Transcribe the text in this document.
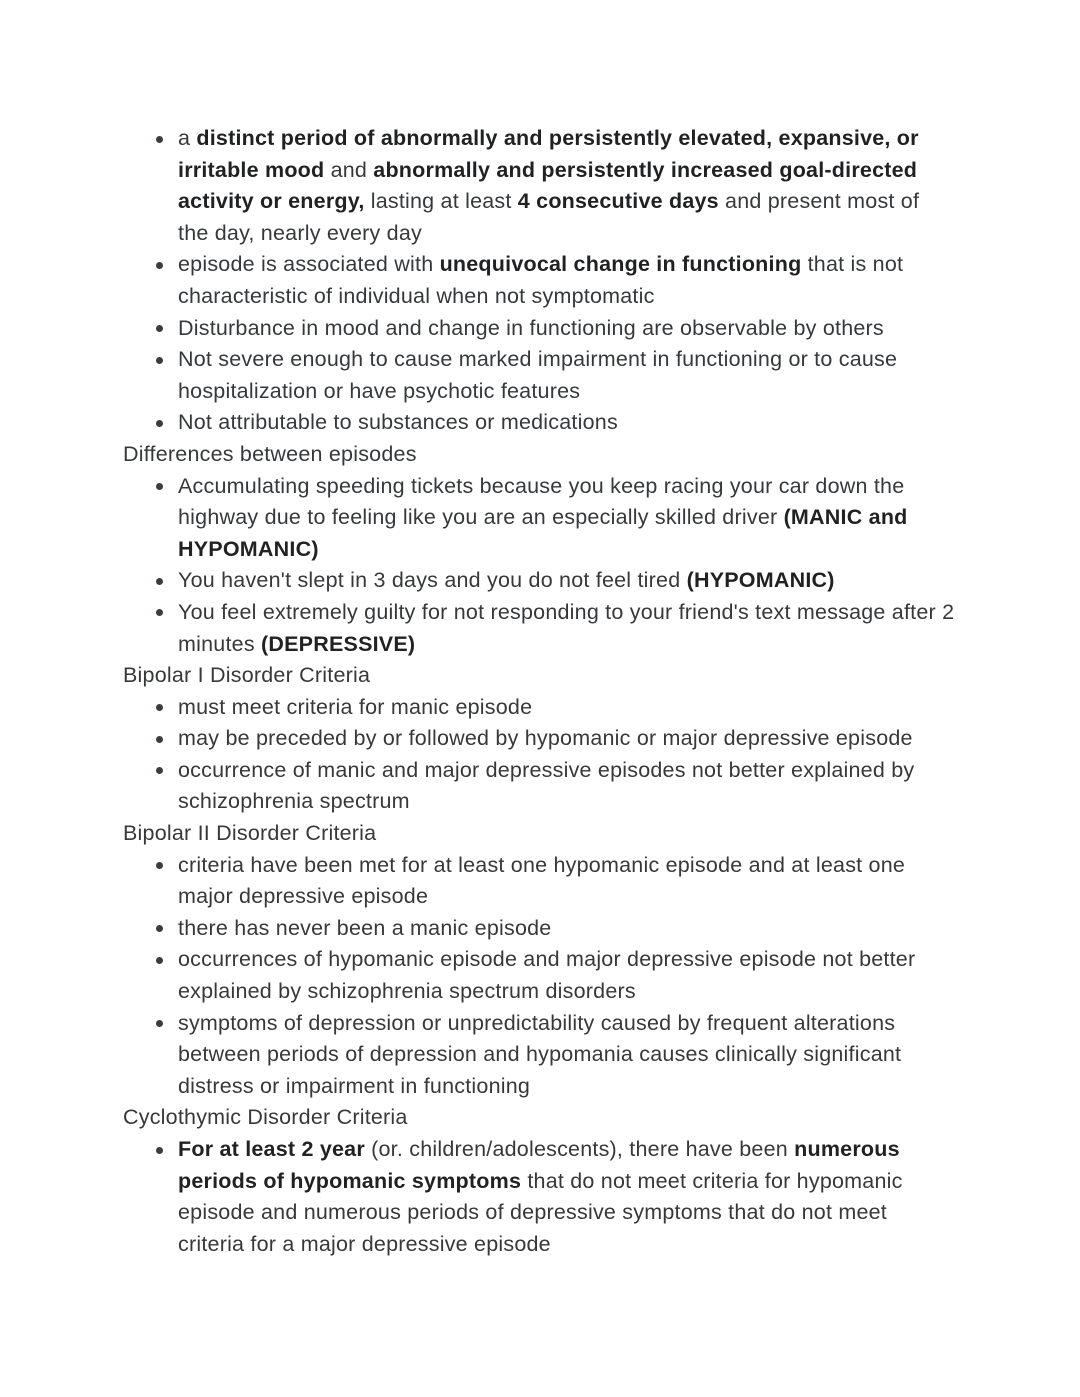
a distinct period of abnormally and persistently elevated, expansive, or irritable mood and abnormally and persistently increased goal-directed activity or energy, lasting at least 4 consecutive days and present most of the day, nearly every day
episode is associated with unequivocal change in functioning that is not characteristic of individual when not symptomatic
Disturbance in mood and change in functioning are observable by others
Not severe enough to cause marked impairment in functioning or to cause hospitalization or have psychotic features
Not attributable to substances or medications
Differences between episodes
Accumulating speeding tickets because you keep racing your car down the highway due to feeling like you are an especially skilled driver (MANIC and HYPOMANIC)
You haven't slept in 3 days and you do not feel tired (HYPOMANIC)
You feel extremely guilty for not responding to your friend's text message after 2 minutes (DEPRESSIVE)
Bipolar I Disorder Criteria
must meet criteria for manic episode
may be preceded by or followed by hypomanic or major depressive episode
occurrence of manic and major depressive episodes not better explained by schizophrenia spectrum
Bipolar II Disorder Criteria
criteria have been met for at least one hypomanic episode and at least one major depressive episode
there has never been a manic episode
occurrences of hypomanic episode and major depressive episode not better explained by schizophrenia spectrum disorders
symptoms of depression or unpredictability caused by frequent alterations between periods of depression and hypomania causes clinically significant distress or impairment in functioning
Cyclothymic Disorder Criteria
For at least 2 year (or. children/adolescents), there have been numerous periods of hypomanic symptoms that do not meet criteria for hypomanic episode and numerous periods of depressive symptoms that do not meet criteria for a major depressive episode
